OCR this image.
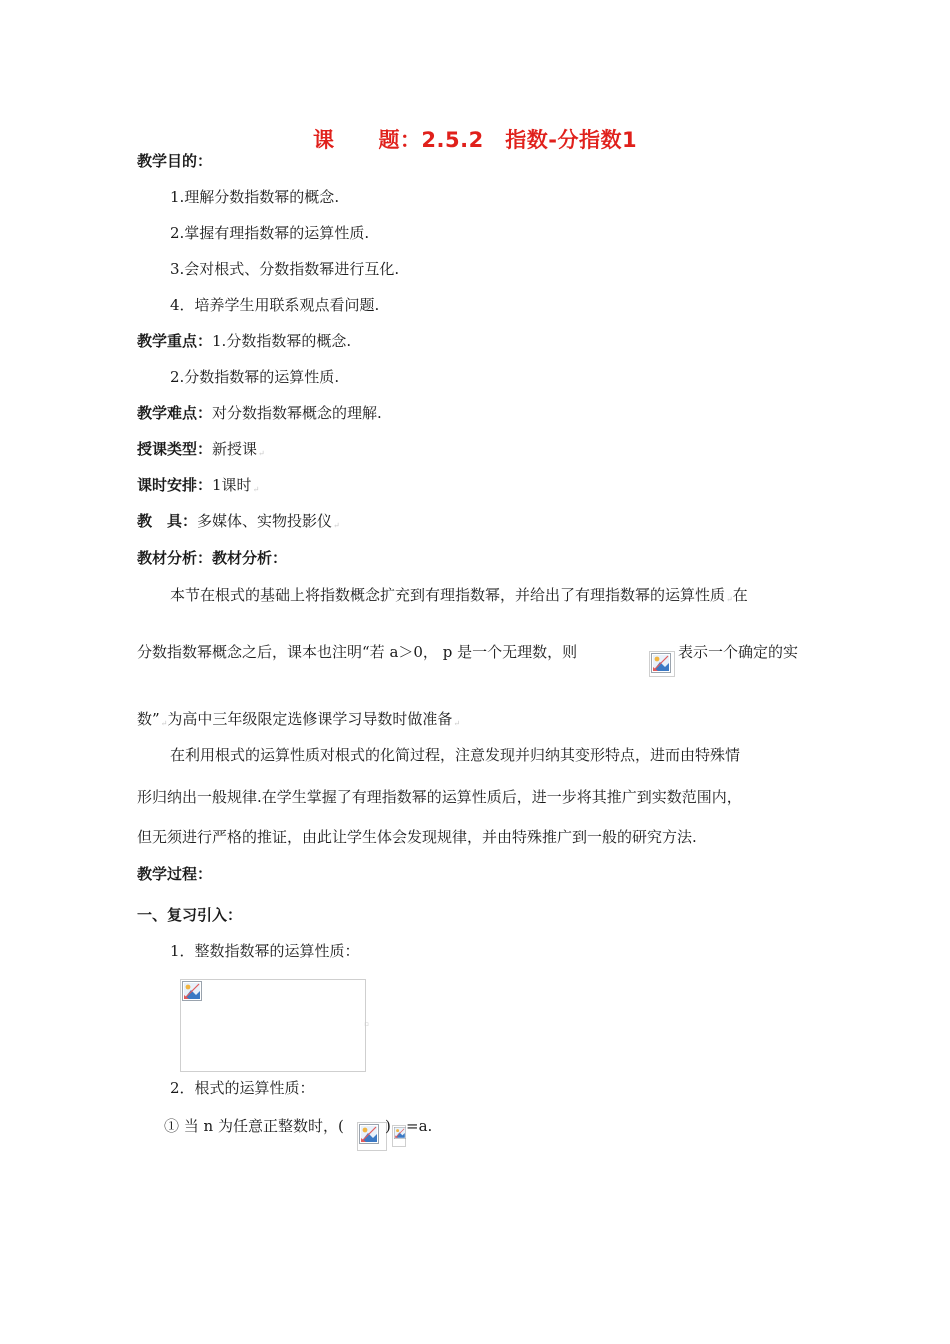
课 题：2.5.2　指数-分指数1
教学目的：
1.理解分数指数幂的概念.
2.掌握有理指数幂的运算性质.
3.会对根式、分数指数幂进行互化.
4．培养学生用联系观点看问题.
教学重点：1.分数指数幂的概念.
2.分数指数幂的运算性质.
教学难点：对分数指数幂概念的理解.
授课类型：新授课↵
课时安排：1课时↵
教　具：多媒体、实物投影仪↵
教材分析：教材分析：
本节在根式的基础上将指数概念扩充到有理指数幂，并给出了有理指数幂的运算性质↵在
分数指数幂概念之后，课本也注明“若 a＞0， p 是一个无理数，则	表示一个确定的实
数”↵为高中三年级限定选修课学习导数时做准备↵
在利用根式的运算性质对根式的化简过程，注意发现并归纳其变形特点，进而由特殊情
形归纳出一般规律.在学生掌握了有理指数幂的运算性质后，进一步将其推广到实数范围内，
但无须进行严格的推证，由此让学生体会发现规律，并由特殊推广到一般的研究方法.
教学过程：
一、复习引入：
1．整数指数幂的运算性质：
▫
2．根式的运算性质：
① 当 n 为任意正整数时，(	) =a.
